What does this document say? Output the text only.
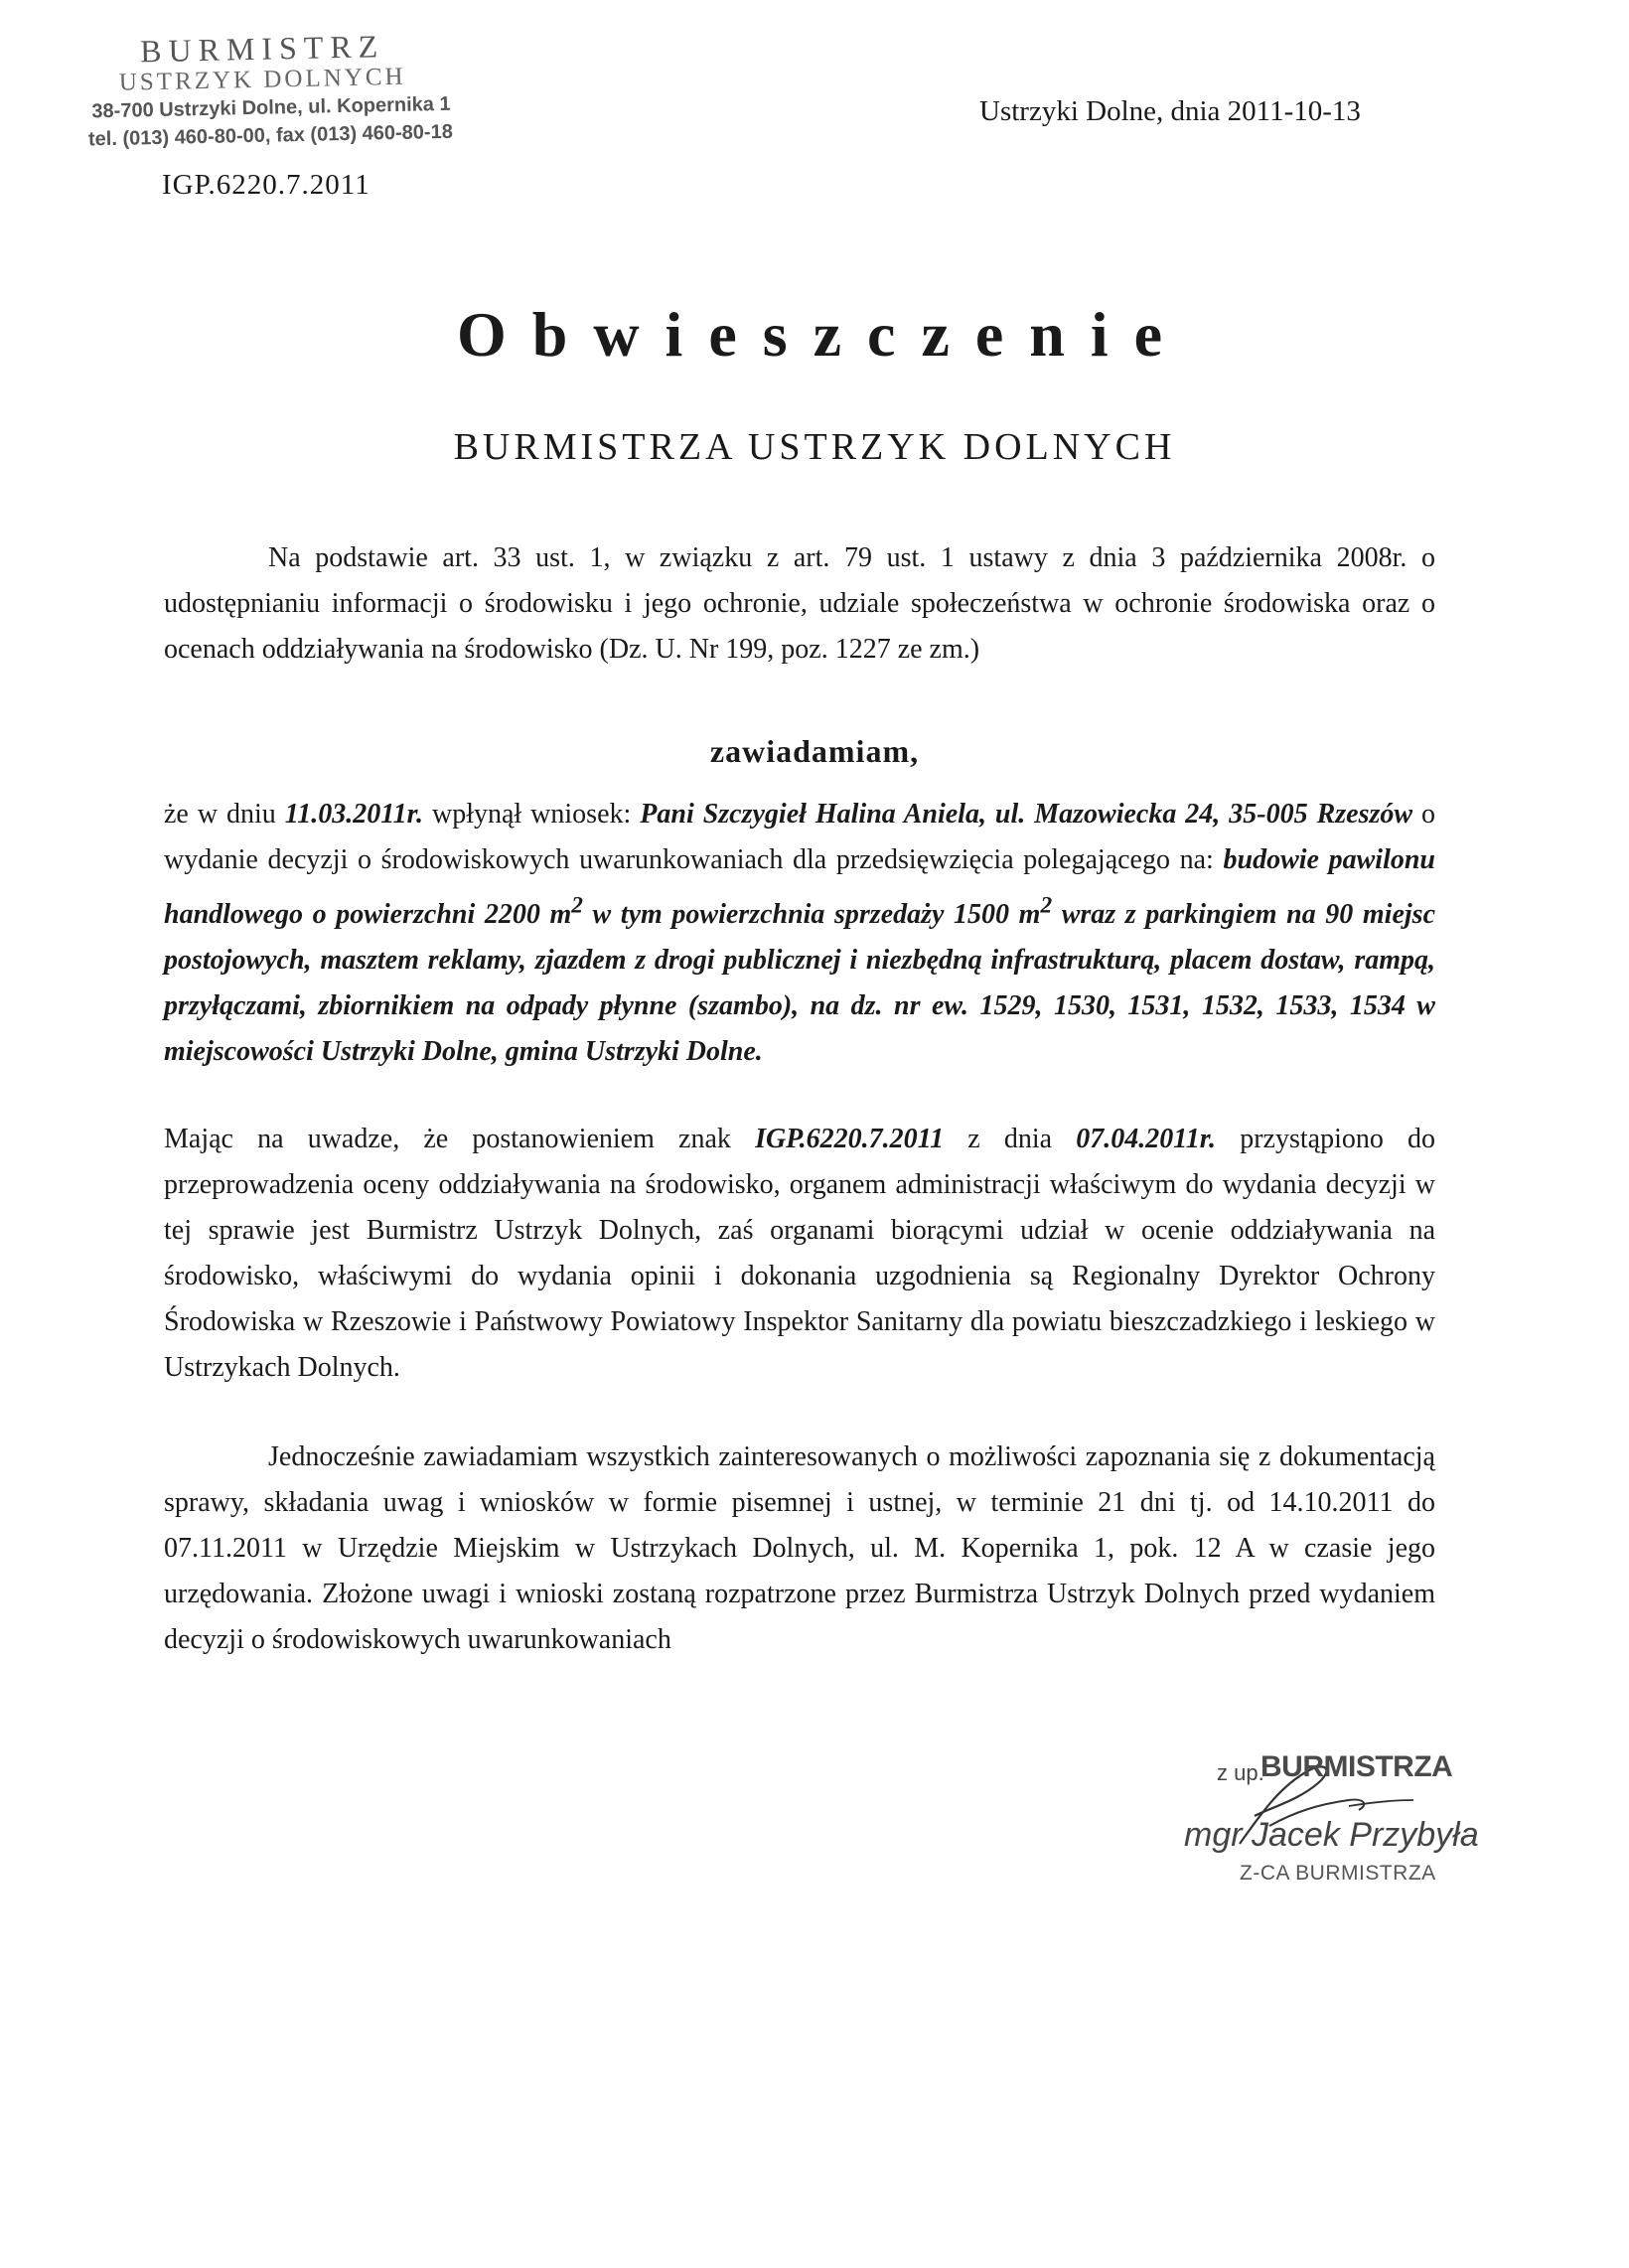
BURMISTRZ
USTRZYK DOLNYCH
38-700 Ustrzyki Dolne, ul. Kopernika 1
tel. (013) 460-80-00, fax (013) 460-80-18
IGP.6220.7.2011
Ustrzyki Dolne, dnia 2011-10-13
Obwieszczenie
BURMISTRZA USTRZYK DOLNYCH
Na podstawie art. 33 ust. 1, w związku z art. 79 ust. 1 ustawy z dnia 3 października 2008r. o udostępnianiu informacji o środowisku i jego ochronie, udziale społeczeństwa w ochronie środowiska oraz o ocenach oddziaływania na środowisko (Dz. U. Nr 199, poz. 1227 ze zm.)
zawiadamiam,
że w dniu 11.03.2011r. wpłynął wniosek: Pani Szczygieł Halina Aniela, ul. Mazowiecka 24, 35-005 Rzeszów o wydanie decyzji o środowiskowych uwarunkowaniach dla przedsięwzięcia polegającego na: budowie pawilonu handlowego o powierzchni 2200 $m^2$ w tym powierzchnia sprzedaży 1500 $m^2$ wraz z parkingiem na 90 miejsc postojowych, masztem reklamy, zjazdem z drogi publicznej i niezbędną infrastrukturą, placem dostaw, rampą, przyłączami, zbiornikiem na odpady płynne (szambo), na dz. nr ew. 1529, 1530, 1531, 1532, 1533, 1534 w miejscowości Ustrzyki Dolne, gmina Ustrzyki Dolne.
Mając na uwadze, że postanowieniem znak IGP.6220.7.2011 z dnia 07.04.2011r. przystąpiono do przeprowadzenia oceny oddziaływania na środowisko, organem administracji właściwym do wydania decyzji w tej sprawie jest Burmistrz Ustrzyk Dolnych, zaś organami biorącymi udział w ocenie oddziaływania na środowisko, właściwymi do wydania opinii i dokonania uzgodnienia są Regionalny Dyrektor Ochrony Środowiska w Rzeszowie i Państwowy Powiatowy Inspektor Sanitarny dla powiatu bieszczadzkiego i leskiego w Ustrzykach Dolnych.
Jednocześnie zawiadamiam wszystkich zainteresowanych o możliwości zapoznania się z dokumentacją sprawy, składania uwag i wniosków w formie pisemnej i ustnej, w terminie 21 dni tj. od 14.10.2011 do 07.11.2011 w Urzędzie Miejskim w Ustrzykach Dolnych, ul. M. Kopernika 1, pok. 12 A w czasie jego urzędowania. Złożone uwagi i wnioski zostaną rozpatrzone przez Burmistrza Ustrzyk Dolnych przed wydaniem decyzji o środowiskowych uwarunkowaniach
z up.
BURMISTRZA
mgr Jacek Przybyła
Z-CA BURMISTRZA
